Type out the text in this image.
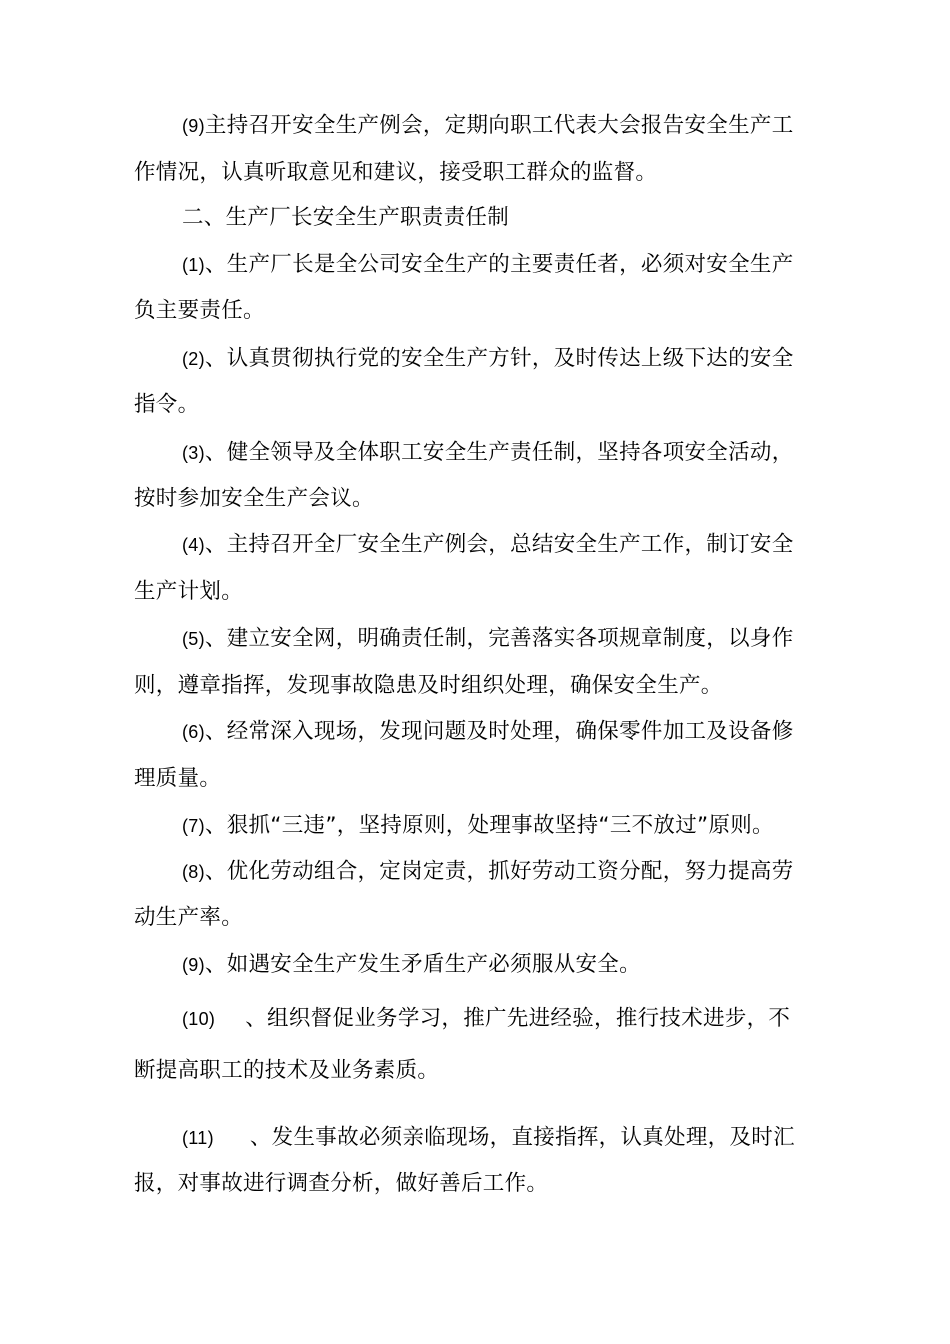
(9)主持召开安全生产例会，定期向职工代表大会报告安全生产工
作情况，认真听取意见和建议，接受职工群众的监督。
二、生产厂长安全生产职责责任制
(1)、生产厂长是全公司安全生产的主要责任者，必须对安全生产
负主要责任。
(2)、认真贯彻执行党的安全生产方针，及时传达上级下达的安全
指令。
(3)、健全领导及全体职工安全生产责任制，坚持各项安全活动，
按时参加安全生产会议。
(4)、主持召开全厂安全生产例会，总结安全生产工作，制订安全
生产计划。
(5)、建立安全网，明确责任制，完善落实各项规章制度，以身作
则，遵章指挥，发现事故隐患及时组织处理，确保安全生产。
(6)、经常深入现场，发现问题及时处理，确保零件加工及设备修
理质量。
(7)、狠抓“三违”，坚持原则，处理事故坚持“三不放过”原则。
(8)、优化劳动组合，定岗定责，抓好劳动工资分配，努力提高劳
动生产率。
(9)、如遇安全生产发生矛盾生产必须服从安全。
(10) 、组织督促业务学习，推广先进经验，推行技术进步，不
断提高职工的技术及业务素质。
(11) 、发生事故必须亲临现场，直接指挥，认真处理，及时汇
报，对事故进行调查分析，做好善后工作。
